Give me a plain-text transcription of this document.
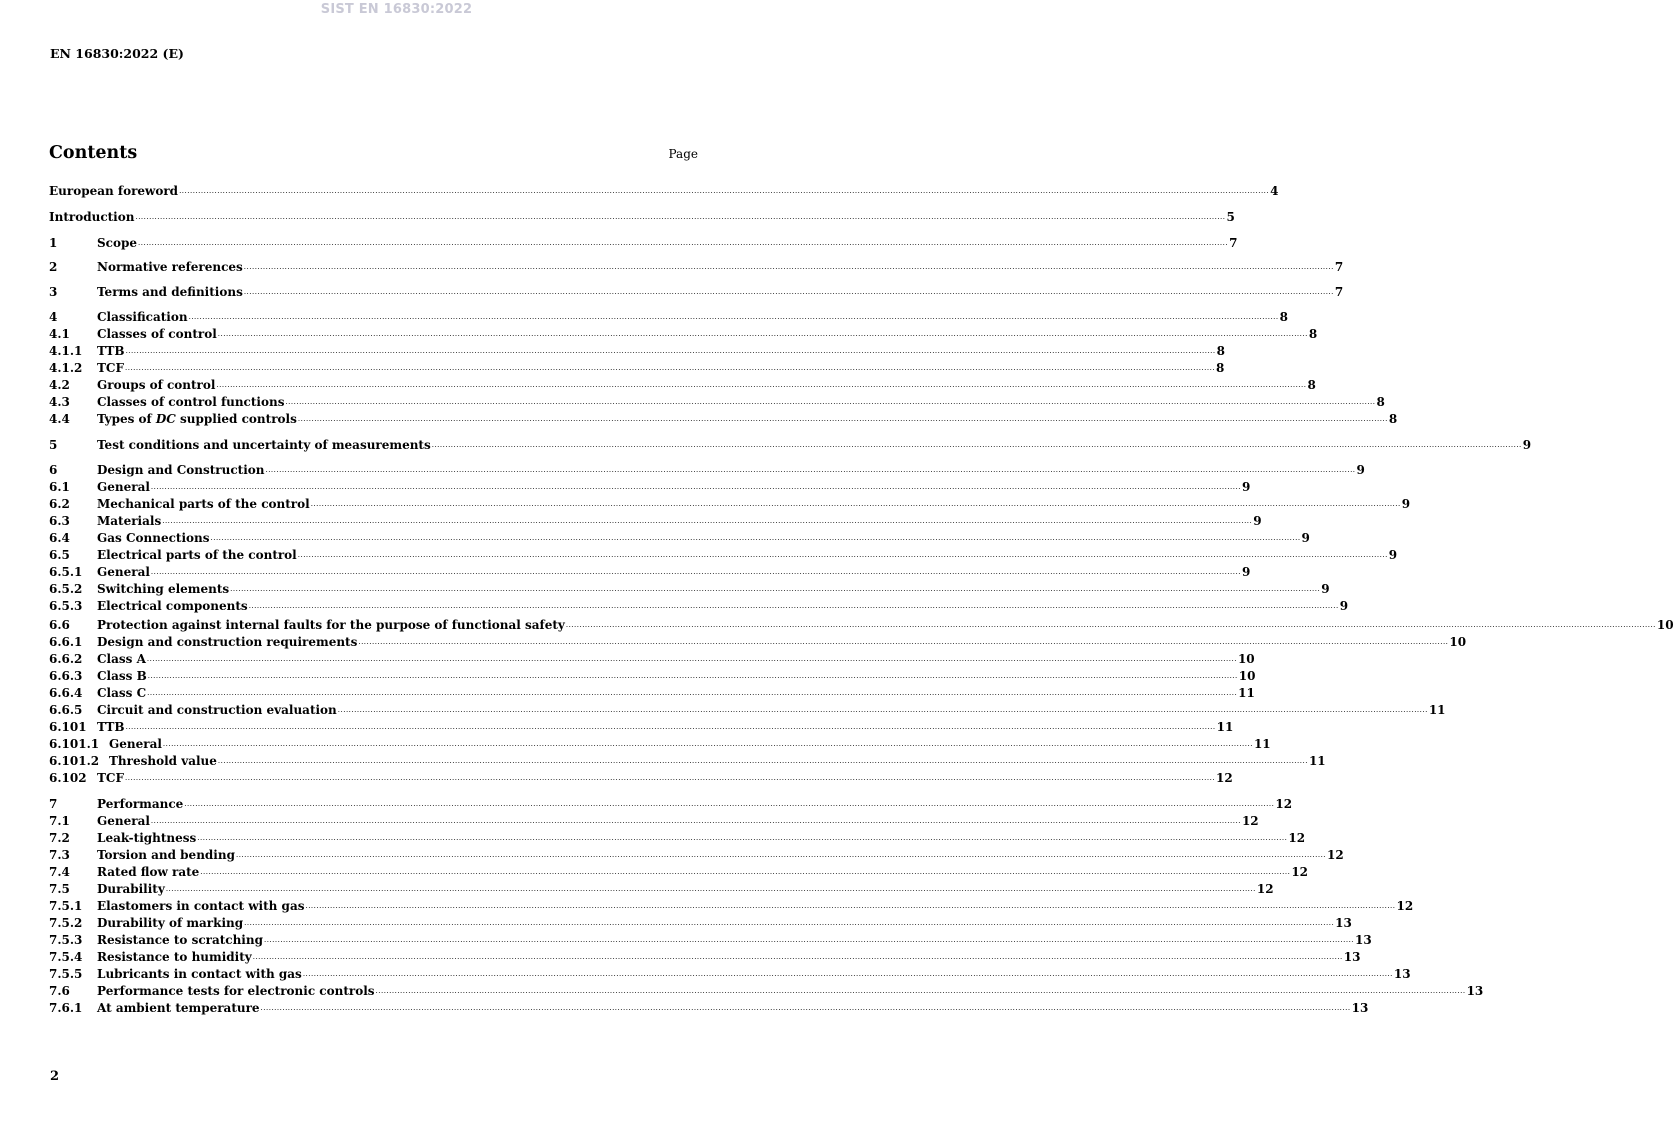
SIST EN 16830:2022
EN 16830:2022 (E)
Contents	Page
European foreword ................................................................................................................................................................................................................................................................................................................................................................................................................ 4
Introduction ................................................................................................................................................................................................................................................................................................................................................................................................................ 5
1	Scope ................................................................................................................................................................................................................................................................................................................................................................................................................ 7
2	Normative references ................................................................................................................................................................................................................................................................................................................................................................................................................ 7
3	Terms and definitions ................................................................................................................................................................................................................................................................................................................................................................................................................ 7
4	Classification ................................................................................................................................................................................................................................................................................................................................................................................................................ 8
4.1	Classes of control ................................................................................................................................................................................................................................................................................................................................................................................................................ 8
4.1.1	TTB ................................................................................................................................................................................................................................................................................................................................................................................................................ 8
4.1.2	TCF ................................................................................................................................................................................................................................................................................................................................................................................................................ 8
4.2	Groups of control ................................................................................................................................................................................................................................................................................................................................................................................................................ 8
4.3	Classes of control functions ................................................................................................................................................................................................................................................................................................................................................................................................................ 8
4.4	Types of DC supplied controls ................................................................................................................................................................................................................................................................................................................................................................................................................ 8
5	Test conditions and uncertainty of measurements ................................................................................................................................................................................................................................................................................................................................................................................................................ 9
6	Design and Construction ................................................................................................................................................................................................................................................................................................................................................................................................................ 9
6.1	General ................................................................................................................................................................................................................................................................................................................................................................................................................ 9
6.2	Mechanical parts of the control ................................................................................................................................................................................................................................................................................................................................................................................................................ 9
6.3	Materials ................................................................................................................................................................................................................................................................................................................................................................................................................ 9
6.4	Gas Connections ................................................................................................................................................................................................................................................................................................................................................................................................................ 9
6.5	Electrical parts of the control ................................................................................................................................................................................................................................................................................................................................................................................................................ 9
6.5.1	General ................................................................................................................................................................................................................................................................................................................................................................................................................ 9
6.5.2	Switching elements ................................................................................................................................................................................................................................................................................................................................................................................................................ 9
6.5.3	Electrical components ................................................................................................................................................................................................................................................................................................................................................................................................................ 9
6.6	Protection against internal faults for the purpose of functional safety ................................................................................................................................................................................................................................................................................................................................................................................................................ 10
6.6.1	Design and construction requirements ................................................................................................................................................................................................................................................................................................................................................................................................................ 10
6.6.2	Class A ................................................................................................................................................................................................................................................................................................................................................................................................................ 10
6.6.3	Class B ................................................................................................................................................................................................................................................................................................................................................................................................................ 10
6.6.4	Class C ................................................................................................................................................................................................................................................................................................................................................................................................................ 11
6.6.5	Circuit and construction evaluation ................................................................................................................................................................................................................................................................................................................................................................................................................ 11
6.101 TTB ................................................................................................................................................................................................................................................................................................................................................................................................................ 11
6.101.1 General ................................................................................................................................................................................................................................................................................................................................................................................................................ 11
6.101.2 Threshold value ................................................................................................................................................................................................................................................................................................................................................................................................................ 11
6.102 TCF ................................................................................................................................................................................................................................................................................................................................................................................................................ 12
7	Performance ................................................................................................................................................................................................................................................................................................................................................................................................................ 12
7.1	General ................................................................................................................................................................................................................................................................................................................................................................................................................ 12
7.2	Leak-tightness ................................................................................................................................................................................................................................................................................................................................................................................................................ 12
7.3	Torsion and bending ................................................................................................................................................................................................................................................................................................................................................................................................................ 12
7.4	Rated flow rate ................................................................................................................................................................................................................................................................................................................................................................................................................ 12
7.5	Durability ................................................................................................................................................................................................................................................................................................................................................................................................................ 12
7.5.1	Elastomers in contact with gas ................................................................................................................................................................................................................................................................................................................................................................................................................ 12
7.5.2	Durability of marking ................................................................................................................................................................................................................................................................................................................................................................................................................ 13
7.5.3	Resistance to scratching ................................................................................................................................................................................................................................................................................................................................................................................................................ 13
7.5.4	Resistance to humidity ................................................................................................................................................................................................................................................................................................................................................................................................................ 13
7.5.5	Lubricants in contact with gas ................................................................................................................................................................................................................................................................................................................................................................................................................ 13
7.6	Performance tests for electronic controls ................................................................................................................................................................................................................................................................................................................................................................................................................ 13
7.6.1	At ambient temperature ................................................................................................................................................................................................................................................................................................................................................................................................................ 13
2
